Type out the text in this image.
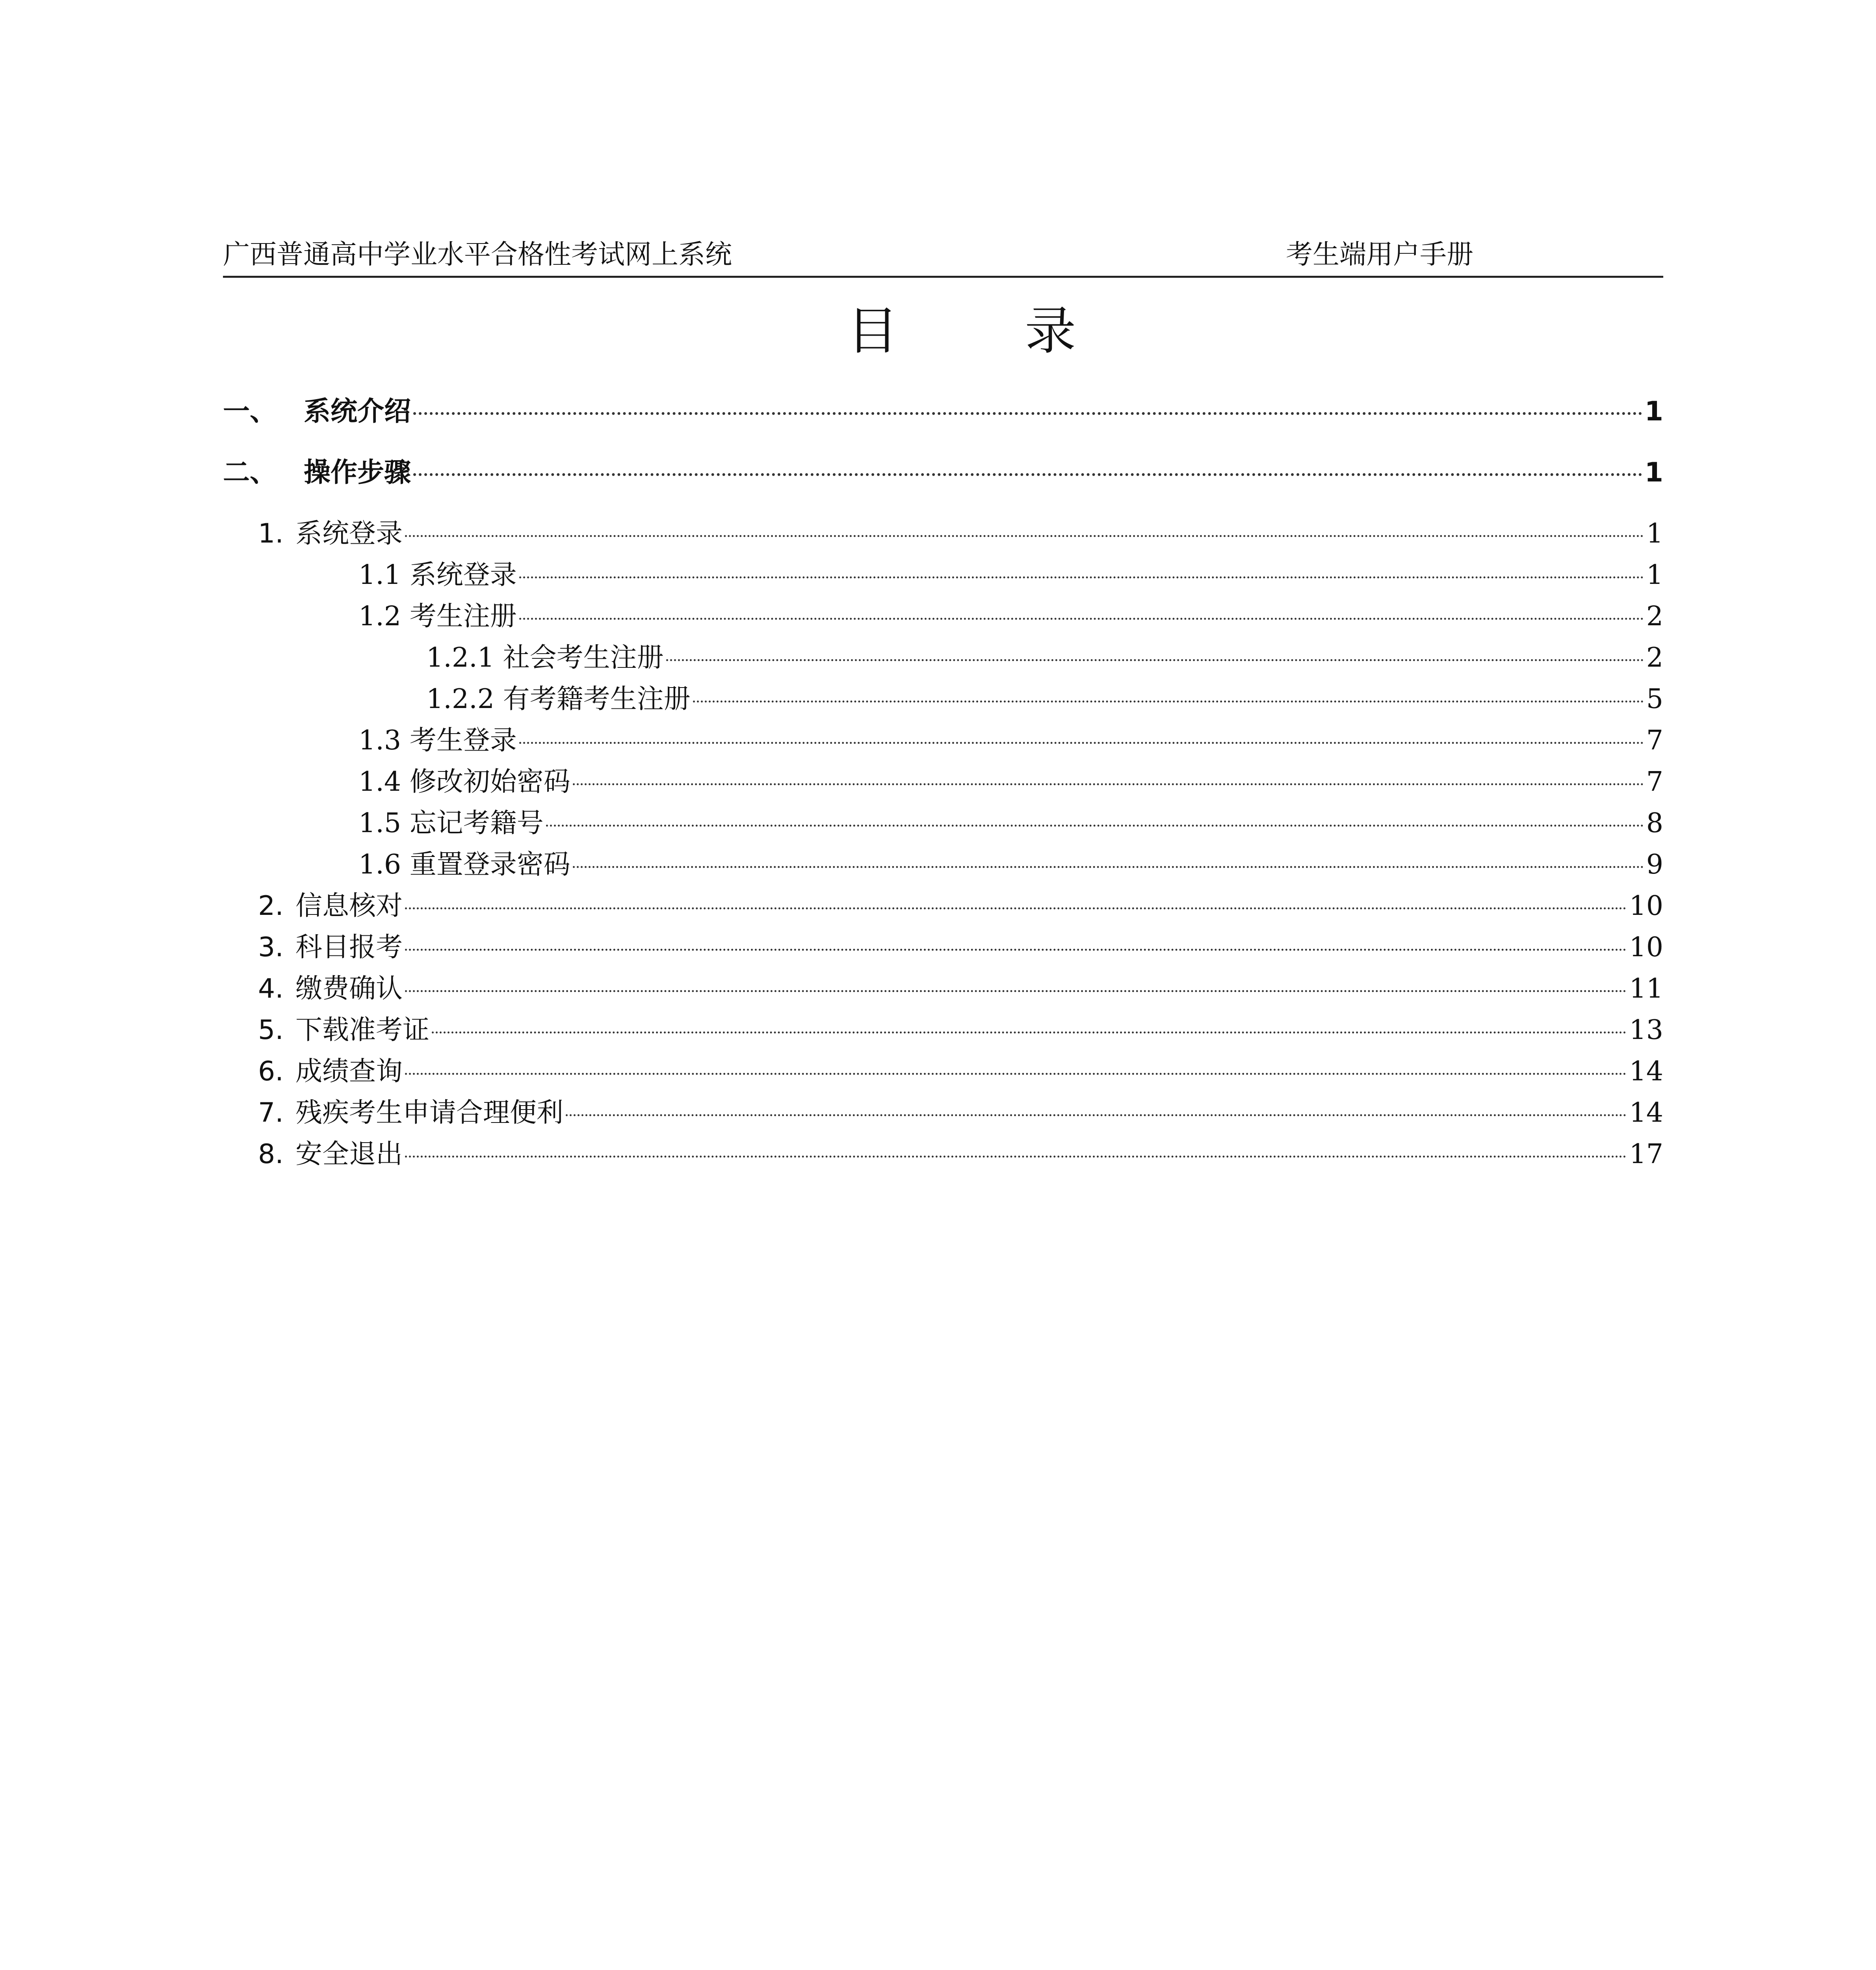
广西普通高中学业水平合格性考试网上系统	考生端用户手册
目 录
一、 系统介绍	1
二、 操作步骤	1
1. 系统登录	1
1.1 系统登录	1
1.2 考生注册	2
1.2.1 社会考生注册	2
1.2.2 有考籍考生注册	5
1.3 考生登录	7
1.4 修改初始密码	7
1.5 忘记考籍号	8
1.6 重置登录密码	9
2. 信息核对	10
3. 科目报考	10
4. 缴费确认	11
5. 下载准考证	13
6. 成绩查询	14
7. 残疾考生申请合理便利	14
8. 安全退出	17
